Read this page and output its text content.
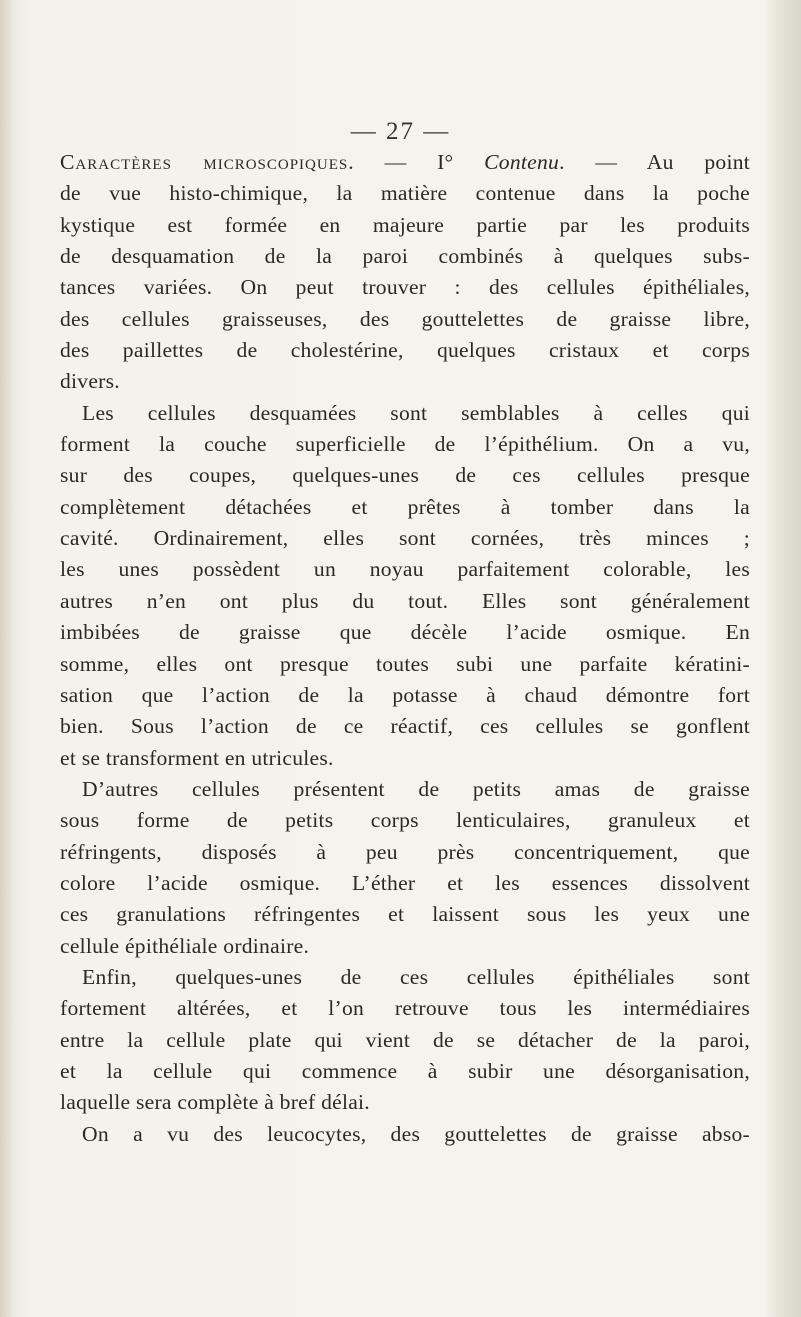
— 27 —
Caractères microscopiques. — I° Contenu. — Au point
de vue histo-chimique, la matière contenue dans la poche
kystique est formée en majeure partie par les produits
de desquamation de la paroi combinés à quelques subs-
tances variées. On peut trouver : des cellules épithéliales,
des cellules graisseuses, des gouttelettes de graisse libre,
des paillettes de cholestérine, quelques cristaux et corps
divers.
Les cellules desquamées sont semblables à celles qui
forment la couche superficielle de l’épithélium. On a vu,
sur des coupes, quelques-unes de ces cellules presque
complètement détachées et prêtes à tomber dans la
cavité. Ordinairement, elles sont cornées, très minces ;
les unes possèdent un noyau parfaitement colorable, les
autres n’en ont plus du tout. Elles sont généralement
imbibées de graisse que décèle l’acide osmique. En
somme, elles ont presque toutes subi une parfaite kératini-
sation que l’action de la potasse à chaud démontre fort
bien. Sous l’action de ce réactif, ces cellules se gonflent
et se transforment en utricules.
D’autres cellules présentent de petits amas de graisse
sous forme de petits corps lenticulaires, granuleux et
réfringents, disposés à peu près concentriquement, que
colore l’acide osmique. L’éther et les essences dissolvent
ces granulations réfringentes et laissent sous les yeux une
cellule épithéliale ordinaire.
Enfin, quelques-unes de ces cellules épithéliales sont
fortement altérées, et l’on retrouve tous les intermédiaires
entre la cellule plate qui vient de se détacher de la paroi,
et la cellule qui commence à subir une désorganisation,
laquelle sera complète à bref délai.
On a vu des leucocytes, des gouttelettes de graisse abso-
